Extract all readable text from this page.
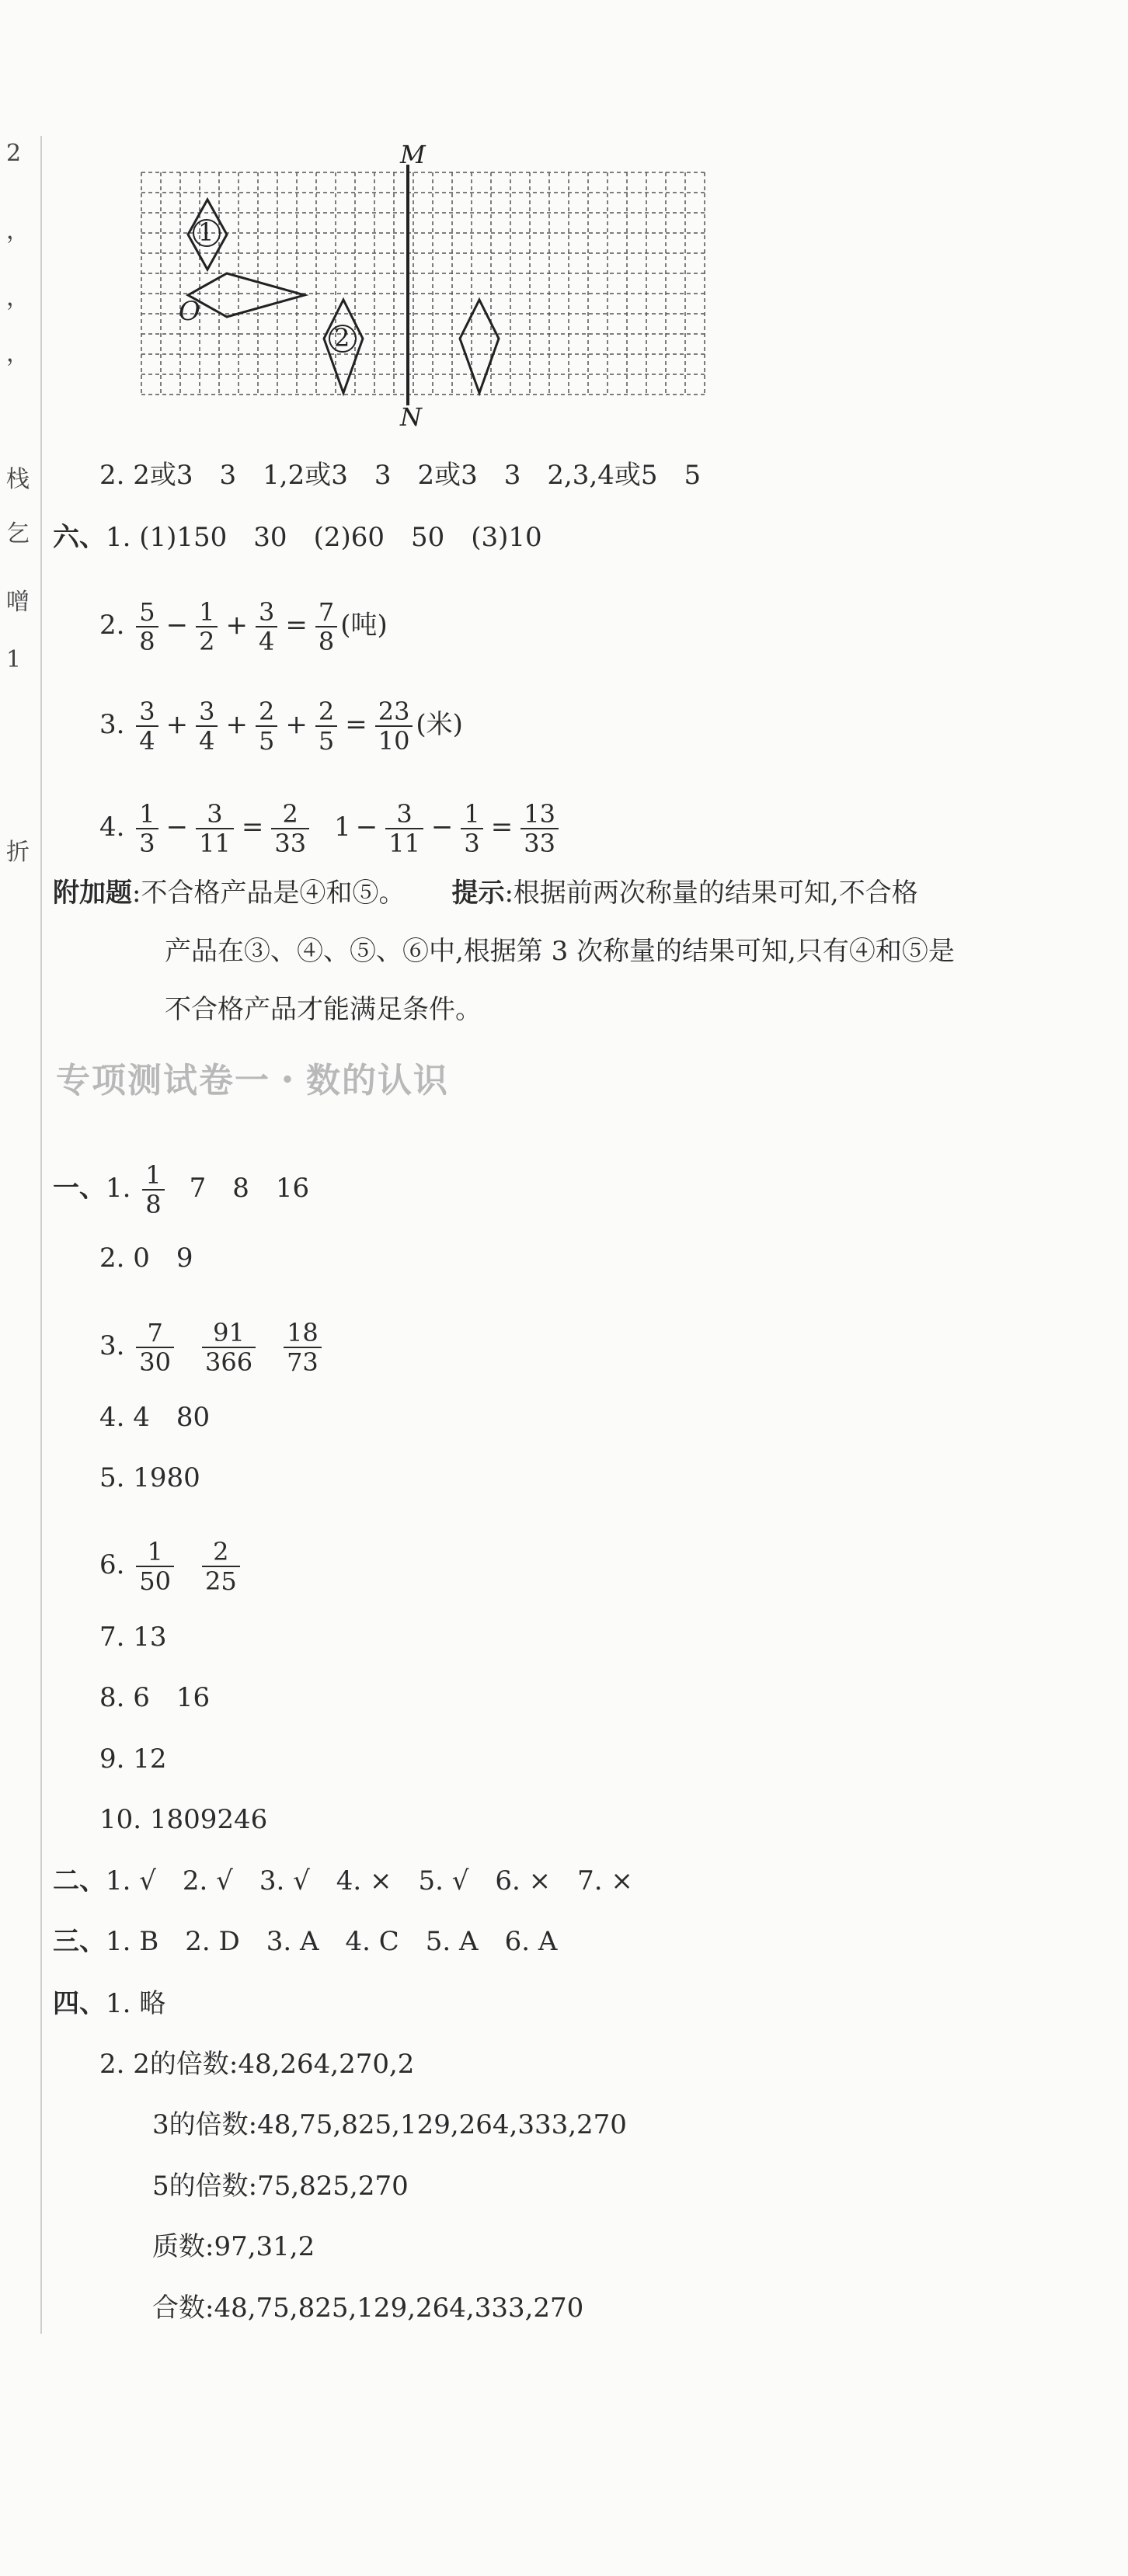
2
，
，
，
栈
乞
噌
1
折
1
2
O
M
N
2. 2或3　3　1,2或3　3　2或3　3　2,3,4或5　5
六、1. (1)150　30　(2)60　50　(3)10
2. $\frac{5}{8} - \frac{1}{2} + \frac{3}{4} = \frac{7}{8}$ (吨)
3. $\frac{3}{4} + \frac{3}{4} + \frac{2}{5} + \frac{2}{5} = \frac{23}{10}$ (米)
4. $\frac{1}{3} - \frac{3}{11} = \frac{2}{33} 1 - \frac{3}{11} - \frac{1}{3} = \frac{13}{33}$
附加题:不合格产品是④和⑤。 提示:根据前两次称量的结果可知,不合格
产品在③、④、⑤、⑥中,根据第 3 次称量的结果可知,只有④和⑤是
不合格产品才能满足条件。
专项测试卷一・数的认识
一、1. $\frac{1}{8} 7$　8　16
2. 0　9
3. $\frac{7}{30} \frac{91}{366} \frac{18}{73}$
4. 4　80
5. 1980
6. $\frac{1}{50} \frac{2}{25}$
7. 13
8. 6　16
9. 12
10. 1809246
二、1. √　2. √　3. √　4. ×　5. √　6. ×　7. ×
三、1. B　2. D　3. A　4. C　5. A　6. A
四、1. 略
2. 2的倍数:48,264,270,2
3的倍数:48,75,825,129,264,333,270
5的倍数:75,825,270
质数:97,31,2
合数:48,75,825,129,264,333,270
